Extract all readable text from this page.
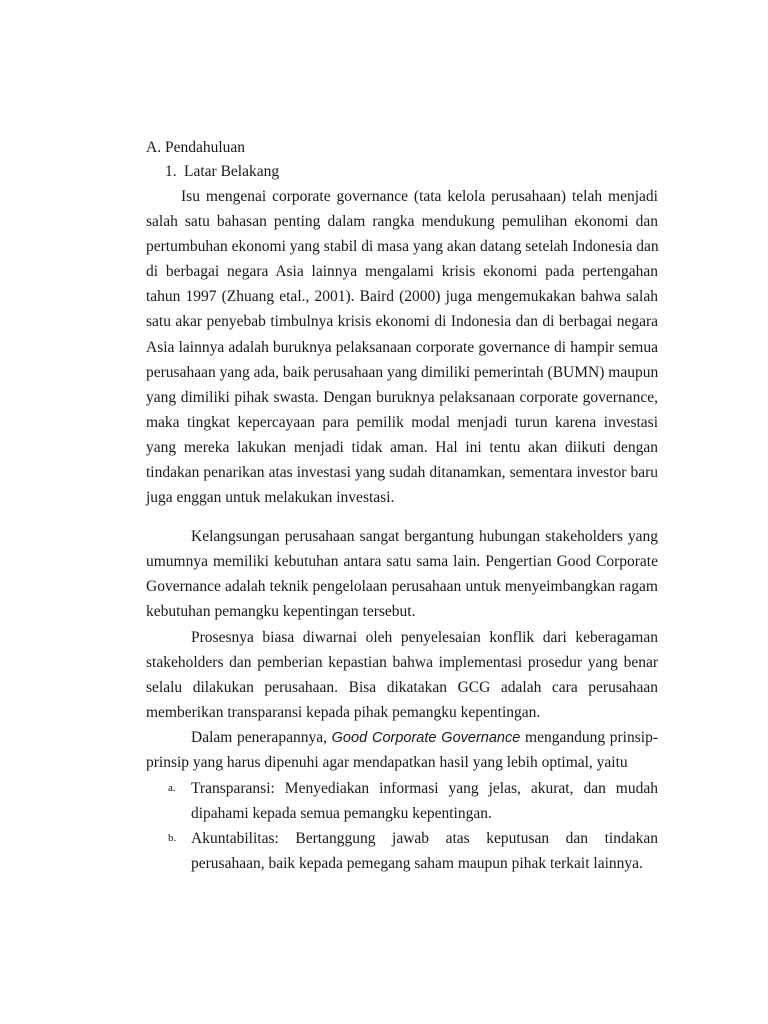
A. Pendahuluan
1. Latar Belakang
Isu mengenai corporate governance (tata kelola perusahaan) telah menjadi
salah satu bahasan penting dalam rangka mendukung pemulihan ekonomi dan
pertumbuhan ekonomi yang stabil di masa yang akan datang setelah Indonesia dan
di berbagai negara Asia lainnya mengalami krisis ekonomi pada pertengahan
tahun 1997 (Zhuang etal., 2001). Baird (2000) juga mengemukakan bahwa salah
satu akar penyebab timbulnya krisis ekonomi di Indonesia dan di berbagai negara
Asia lainnya adalah buruknya pelaksanaan corporate governance di hampir semua
perusahaan yang ada, baik perusahaan yang dimiliki pemerintah (BUMN) maupun
yang dimiliki pihak swasta. Dengan buruknya pelaksanaan corporate governance,
maka tingkat kepercayaan para pemilik modal menjadi turun karena investasi
yang mereka lakukan menjadi tidak aman. Hal ini tentu akan diikuti dengan
tindakan penarikan atas investasi yang sudah ditanamkan, sementara investor baru
juga enggan untuk melakukan investasi.
Kelangsungan perusahaan sangat bergantung hubungan stakeholders yang
umumnya memiliki kebutuhan antara satu sama lain. Pengertian Good Corporate
Governance adalah teknik pengelolaan perusahaan untuk menyeimbangkan ragam
kebutuhan pemangku kepentingan tersebut.
Prosesnya biasa diwarnai oleh penyelesaian konflik dari keberagaman
stakeholders dan pemberian kepastian bahwa implementasi prosedur yang benar
selalu dilakukan perusahaan. Bisa dikatakan GCG adalah cara perusahaan
memberikan transparansi kepada pihak pemangku kepentingan.
Dalam penerapannya, Good Corporate Governance mengandung prinsip-
prinsip yang harus dipenuhi agar mendapatkan hasil yang lebih optimal, yaitu
a. Transparansi: Menyediakan informasi yang jelas, akurat, dan mudah
dipahami kepada semua pemangku kepentingan.
b. Akuntabilitas: Bertanggung jawab atas keputusan dan tindakan
perusahaan, baik kepada pemegang saham maupun pihak terkait lainnya.
